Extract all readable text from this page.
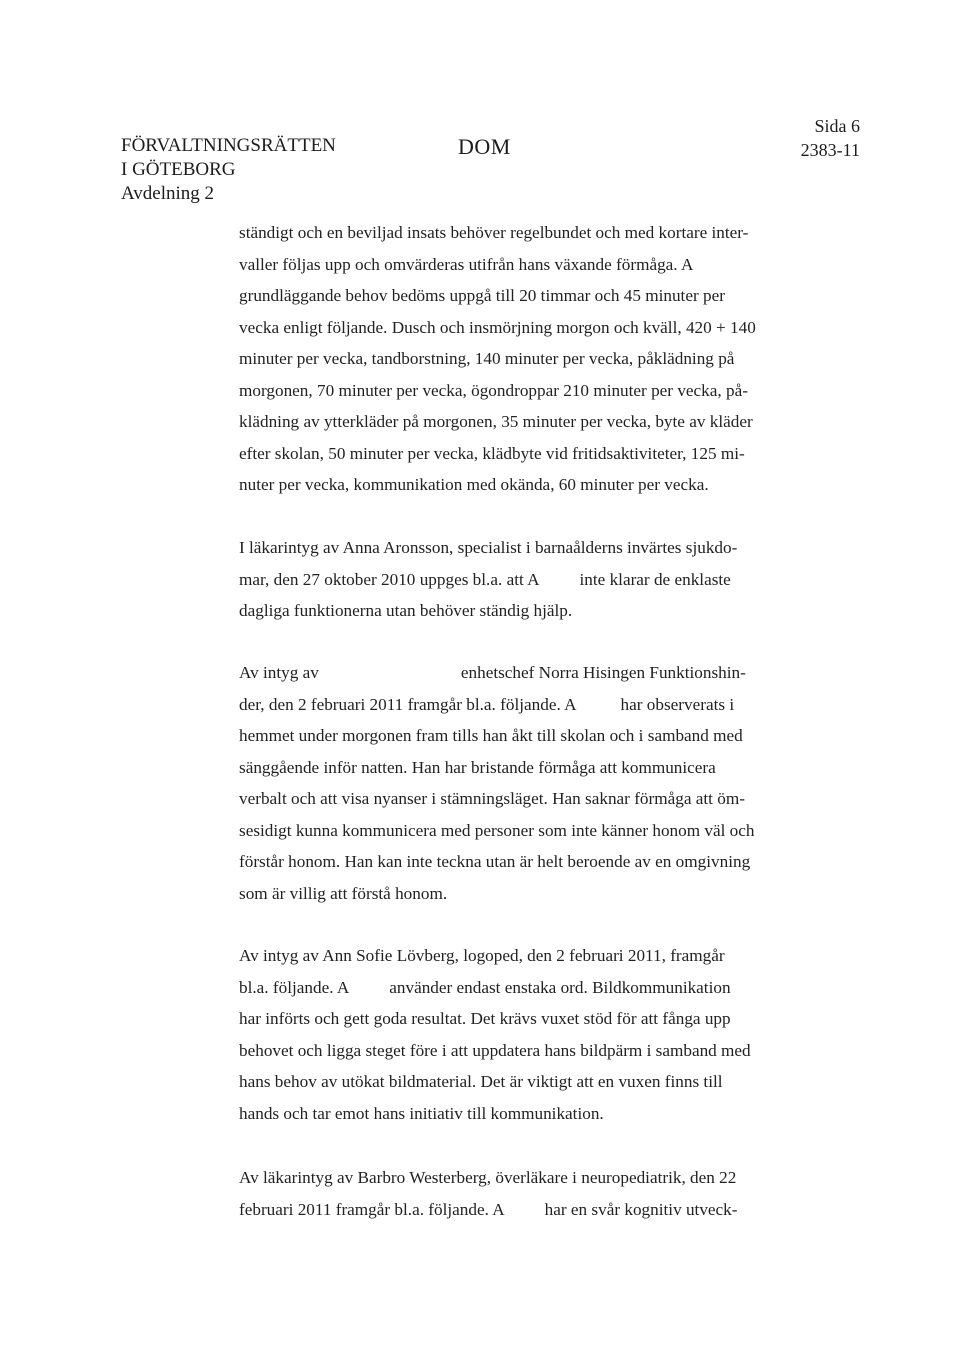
FÖRVALTNINGSRÄTTEN
I GÖTEBORG
Avdelning 2
DOM
Sida 6
2383-11
ständigt och en beviljad insats behöver regelbundet och med kortare inter-
valler följas upp och omvärderas utifrån hans växande förmåga. A
grundläggande behov bedöms uppgå till 20 timmar och 45 minuter per
vecka enligt följande. Dusch och insmörjning morgon och kväll, 420 + 140
minuter per vecka, tandborstning, 140 minuter per vecka, påklädning på
morgonen, 70 minuter per vecka, ögondroppar 210 minuter per vecka, på-
klädning av ytterkläder på morgonen, 35 minuter per vecka, byte av kläder
efter skolan, 50 minuter per vecka, klädbyte vid fritidsaktiviteter, 125 mi-
nuter per vecka, kommunikation med okända, 60 minuter per vecka.
I läkarintyg av Anna Aronsson, specialist i barnaålderns invärtes sjukdo-
mar, den 27 oktober 2010 uppges bl.a. att A inte klarar de enklaste
dagliga funktionerna utan behöver ständig hjälp.
Av intyg av	enhetschef Norra Hisingen Funktionshin-
der, den 2 februari 2011 framgår bl.a. följande. A	har observerats i
hemmet under morgonen fram tills han åkt till skolan och i samband med
sänggående inför natten. Han har bristande förmåga att kommunicera
verbalt och att visa nyanser i stämningsläget. Han saknar förmåga att öm-
sesidigt kunna kommunicera med personer som inte känner honom väl och
förstår honom. Han kan inte teckna utan är helt beroende av en omgivning
som är villig att förstå honom.
Av intyg av Ann Sofie Lövberg, logoped, den 2 februari 2011, framgår
bl.a. följande. A använder endast enstaka ord. Bildkommunikation
har införts och gett goda resultat. Det krävs vuxet stöd för att fånga upp
behovet och ligga steget före i att uppdatera hans bildpärm i samband med
hans behov av utökat bildmaterial. Det är viktigt att en vuxen finns till
hands och tar emot hans initiativ till kommunikation.
Av läkarintyg av Barbro Westerberg, överläkare i neuropediatrik, den 22
februari 2011 framgår bl.a. följande. A har en svår kognitiv utveck-
